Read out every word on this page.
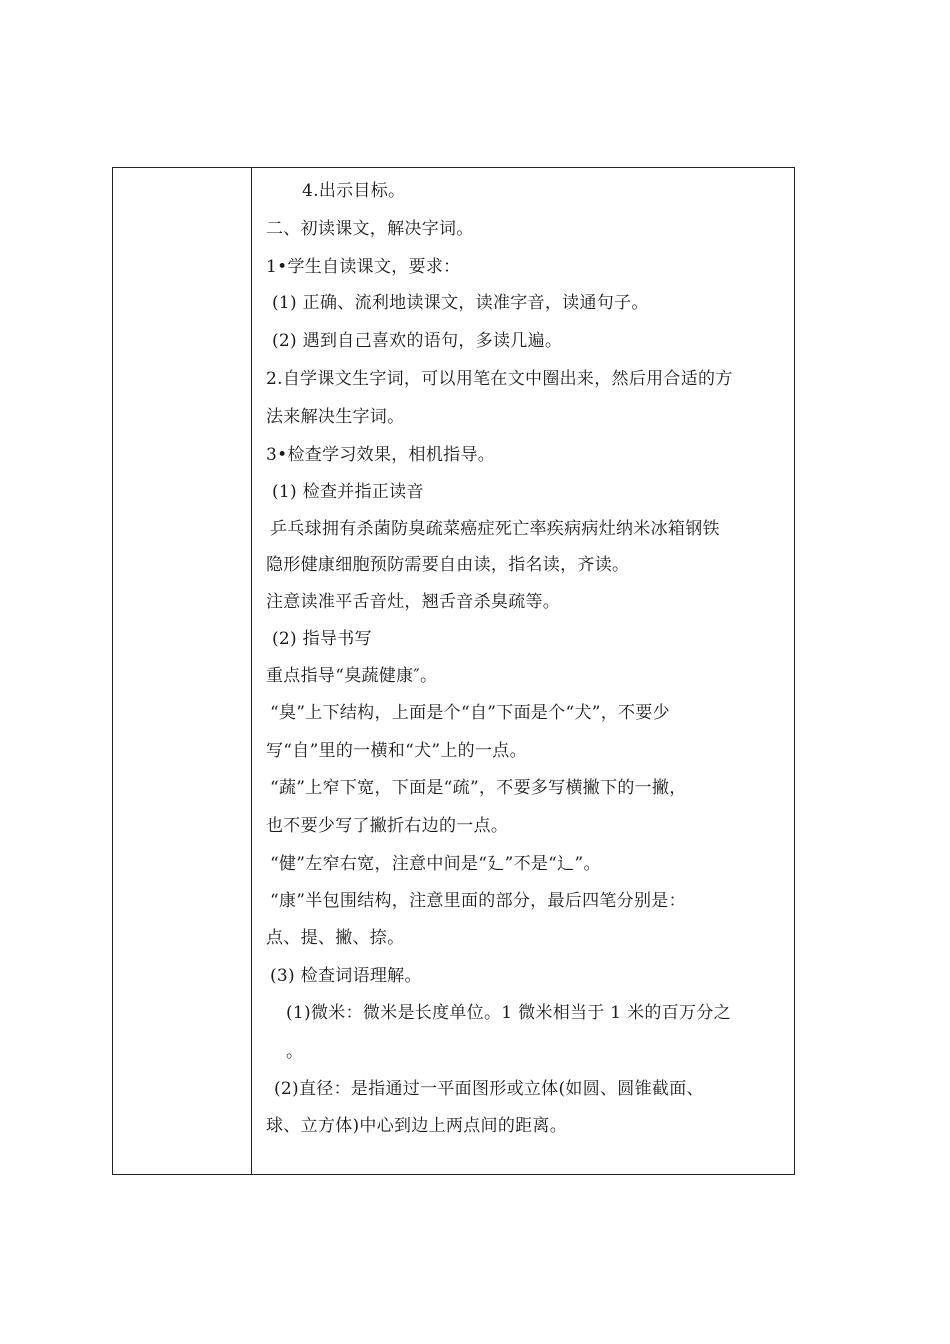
4.出示目标。
二、初读课文，解决字词。
1•学生自读课文，要求：
(1) 正确、流利地读课文，读准字音，读通句子。
(2) 遇到自己喜欢的语句，多读几遍。
2.自学课文生字词，可以用笔在文中圈出来，然后用合适的方
法来解决生字词。
3•检查学习效果，相机指导。
(1) 检查并指正读音
乒乓球拥有杀菌防臭疏菜癌症死亡率疾病病灶纳米冰箱钢铁
隐形健康细胞预防需要自由读，指名读，齐读。
注意读准平舌音灶，翘舌音杀臭疏等。
(2) 指导书写
重点指导“臭蔬健康″。
“臭”上下结构，上面是个“自”下面是个“犬”，不要少
写“自”里的一横和“犬”上的一点。
“蔬”上窄下宽，下面是“疏”，不要多写横撇下的一撇，
也不要少写了撇折右边的一点。
“健”左窄右宽，注意中间是“廴”不是“辶”。
“康”半包围结构，注意里面的部分，最后四笔分别是：
点、提、撇、捺。
(3) 检查词语理解。
(1)微米：微米是长度单位。1 微米相当于 1 米的百万分之
。
(2)直径：是指通过一平面图形或立体(如圆、圆锥截面、
球、立方体)中心到边上两点间的距离。
